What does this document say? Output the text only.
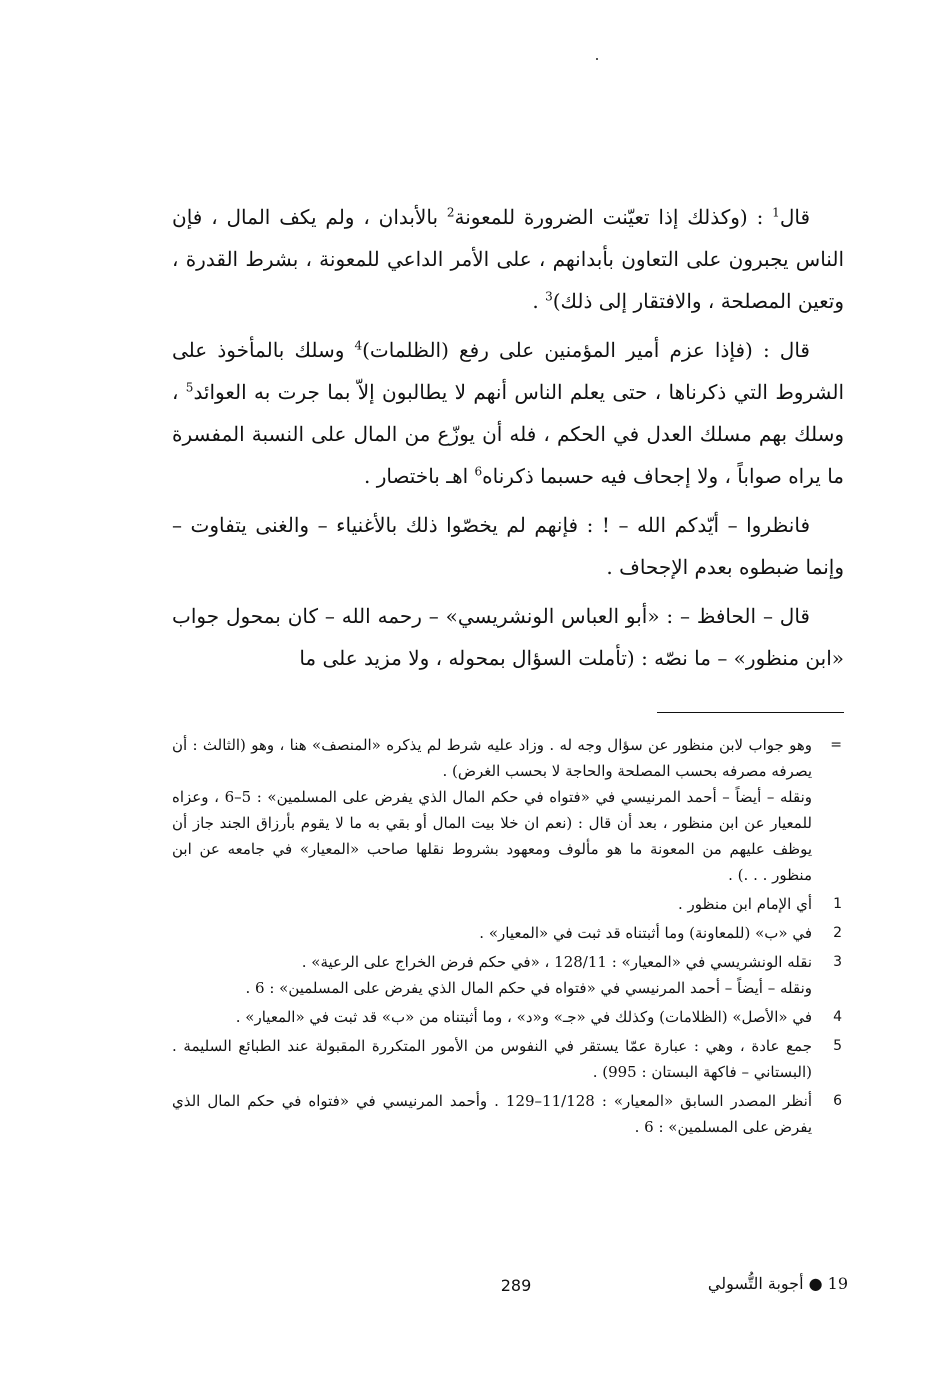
قال$^1$ : (وكذلك إذا تعيّنت الضرورة للمعونة$^2$ بالأبدان ، ولم يكف المال ، فإن الناس يجبرون على التعاون بأبدانهم ، على الأمر الداعي للمعونة ، بشرط القدرة ، وتعين المصلحة ، والافتقار إلى ذلك)$^3$ .

قال : (فإذا عزم أمير المؤمنين على رفع (الظلمات)$^4$ وسلك بالمأخوذ على الشروط التي ذكرناها ، حتى يعلم الناس أنهم لا يطالبون إلاّ بما جرت به العوائد$^5$ ، وسلك بهم مسلك العدل في الحكم ، فله أن يوزّع من المال على النسبة المفسرة ما يراه صواباً ، ولا إجحاف فيه حسبما ذكرناه$^6$ اهـ باختصار .

فانظروا – أيّدكم الله – ! : فإنهم لم يخصّوا ذلك بالأغنياء – والغنى يتفاوت – وإنما ضبطوه بعدم الإجحاف .

قال – الحافظ – : «أبو العباس الونشريسي» – رحمه الله – كان بمحول جواب «ابن منظور» – ما نصّه : (تأملت السؤال بمحوله ، ولا مزيد على ما

=
وهو جواب لابن منظور عن سؤال وجه له . وزاد عليه شرط لم يذكره «المنصف» هنا ، وهو (الثالث : أن يصرفه مصرفه بحسب المصلحة والحاجة لا بحسب الغرض) .
ونقله – أيضاً – أحمد المرنيسي في «فتواه في حكم المال الذي يفرض على المسلمين» : 5–6 ، وعزاه للمعيار عن ابن منظور ، بعد أن قال : (نعم ان خلا بيت المال أو بقي به ما لا يقوم بأرزاق الجند جاز أن يوظف عليهم من المعونة ما هو مألوف ومعهود بشروط نقلها صاحب «المعيار» في جامعه عن ابن منظور . . .) .
1
أي الإمام ابن منظور .
2
في «ب» (للمعاونة) وما أثبتناه قد ثبت في «المعيار» .
3
نقله الونشريسي في «المعيار» : 128/11 ، «في حكم فرض الخراج على الرعية» .
ونقله – أيضاً – أحمد المرنيسي في «فتواه في حكم المال الذي يفرض على المسلمين» : 6 .
4
في «الأصل» (الظلامات) وكذلك في «جـ» و«د» ، وما أثبتناه من «ب» قد ثبت في «المعيار» .
5
جمع عادة ، وهي : عبارة عمّا يستقر في النفوس من الأمور المتكررة المقبولة عند الطبائع السليمة . (البستاني – فاكهة البستان : 995) .
6
أنظر المصدر السابق «المعيار» : 11/128–129 . وأحمد المرنيسي في «فتواه في حكم المال الذي يفرض على المسلمين» : 6 .
289	19 ● أجوبة التُّسولي
